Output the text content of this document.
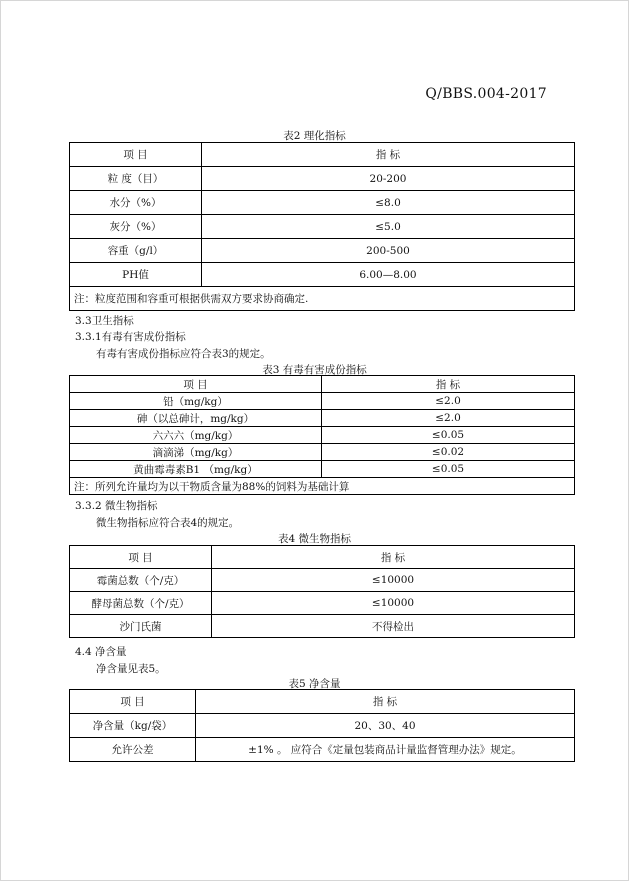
Q/BBS.004-2017
表2 理化指标
项 目	指 标
粒 度（目）	20-200
水分（%）	≤8.0
灰分（%）	≤5.0
容重（g/l）	200-500
PH值	6.00—8.00
注：粒度范围和容重可根据供需双方要求协商确定.	
3.3卫生指标
3.3.1有毒有害成份指标
有毒有害成份指标应符合表3的规定。
表3 有毒有害成份指标
项 目	指 标
铅（mg/kg）	≤2.0
砷（以总砷计，mg/kg）	≤2.0
六六六（mg/kg）	≤0.05
滴滴涕（mg/kg）	≤0.02
黄曲霉毒素B1 （mg/kg）	≤0.05
注：所列允许量均为以干物质含量为88%的饲料为基础计算	
3.3.2 微生物指标
微生物指标应符合表4的规定。
表4 微生物指标
项 目	指 标
霉菌总数（个/克）	≤10000
酵母菌总数（个/克）	≤10000
沙门氏菌	不得检出
4.4 净含量
净含量见表5。
表5 净含量
项 目	指 标
净含量（kg/袋）	20、30、40
允许公差	±1% 。 应符合《定量包装商品计量监督管理办法》规定。
